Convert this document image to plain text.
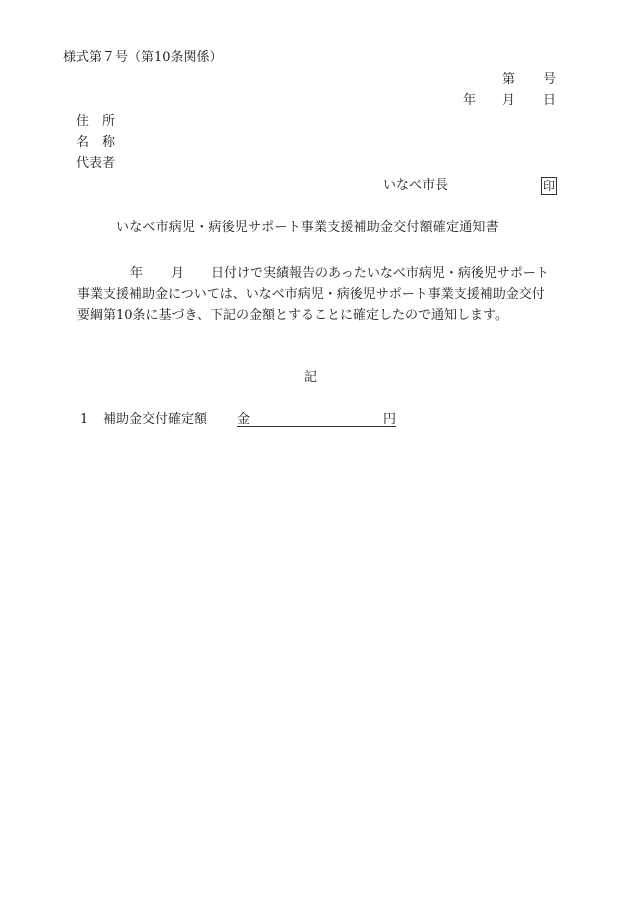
様式第７号（第10条関係）
第 号
年 月 日
住　所
名　称
代表者
いなべ市長	印
いなべ市病児・病後児サポート事業支援補助金交付額確定通知書
年 月 日付けで実績報告のあったいなべ市病児・病後児サポート
事業支援補助金については、いなべ市病児・病後児サポート事業支援補助金交付
要綱第10条に基づき、下記の金額とすることに確定したので通知します。
記
1 補助金交付確定額 金	円
